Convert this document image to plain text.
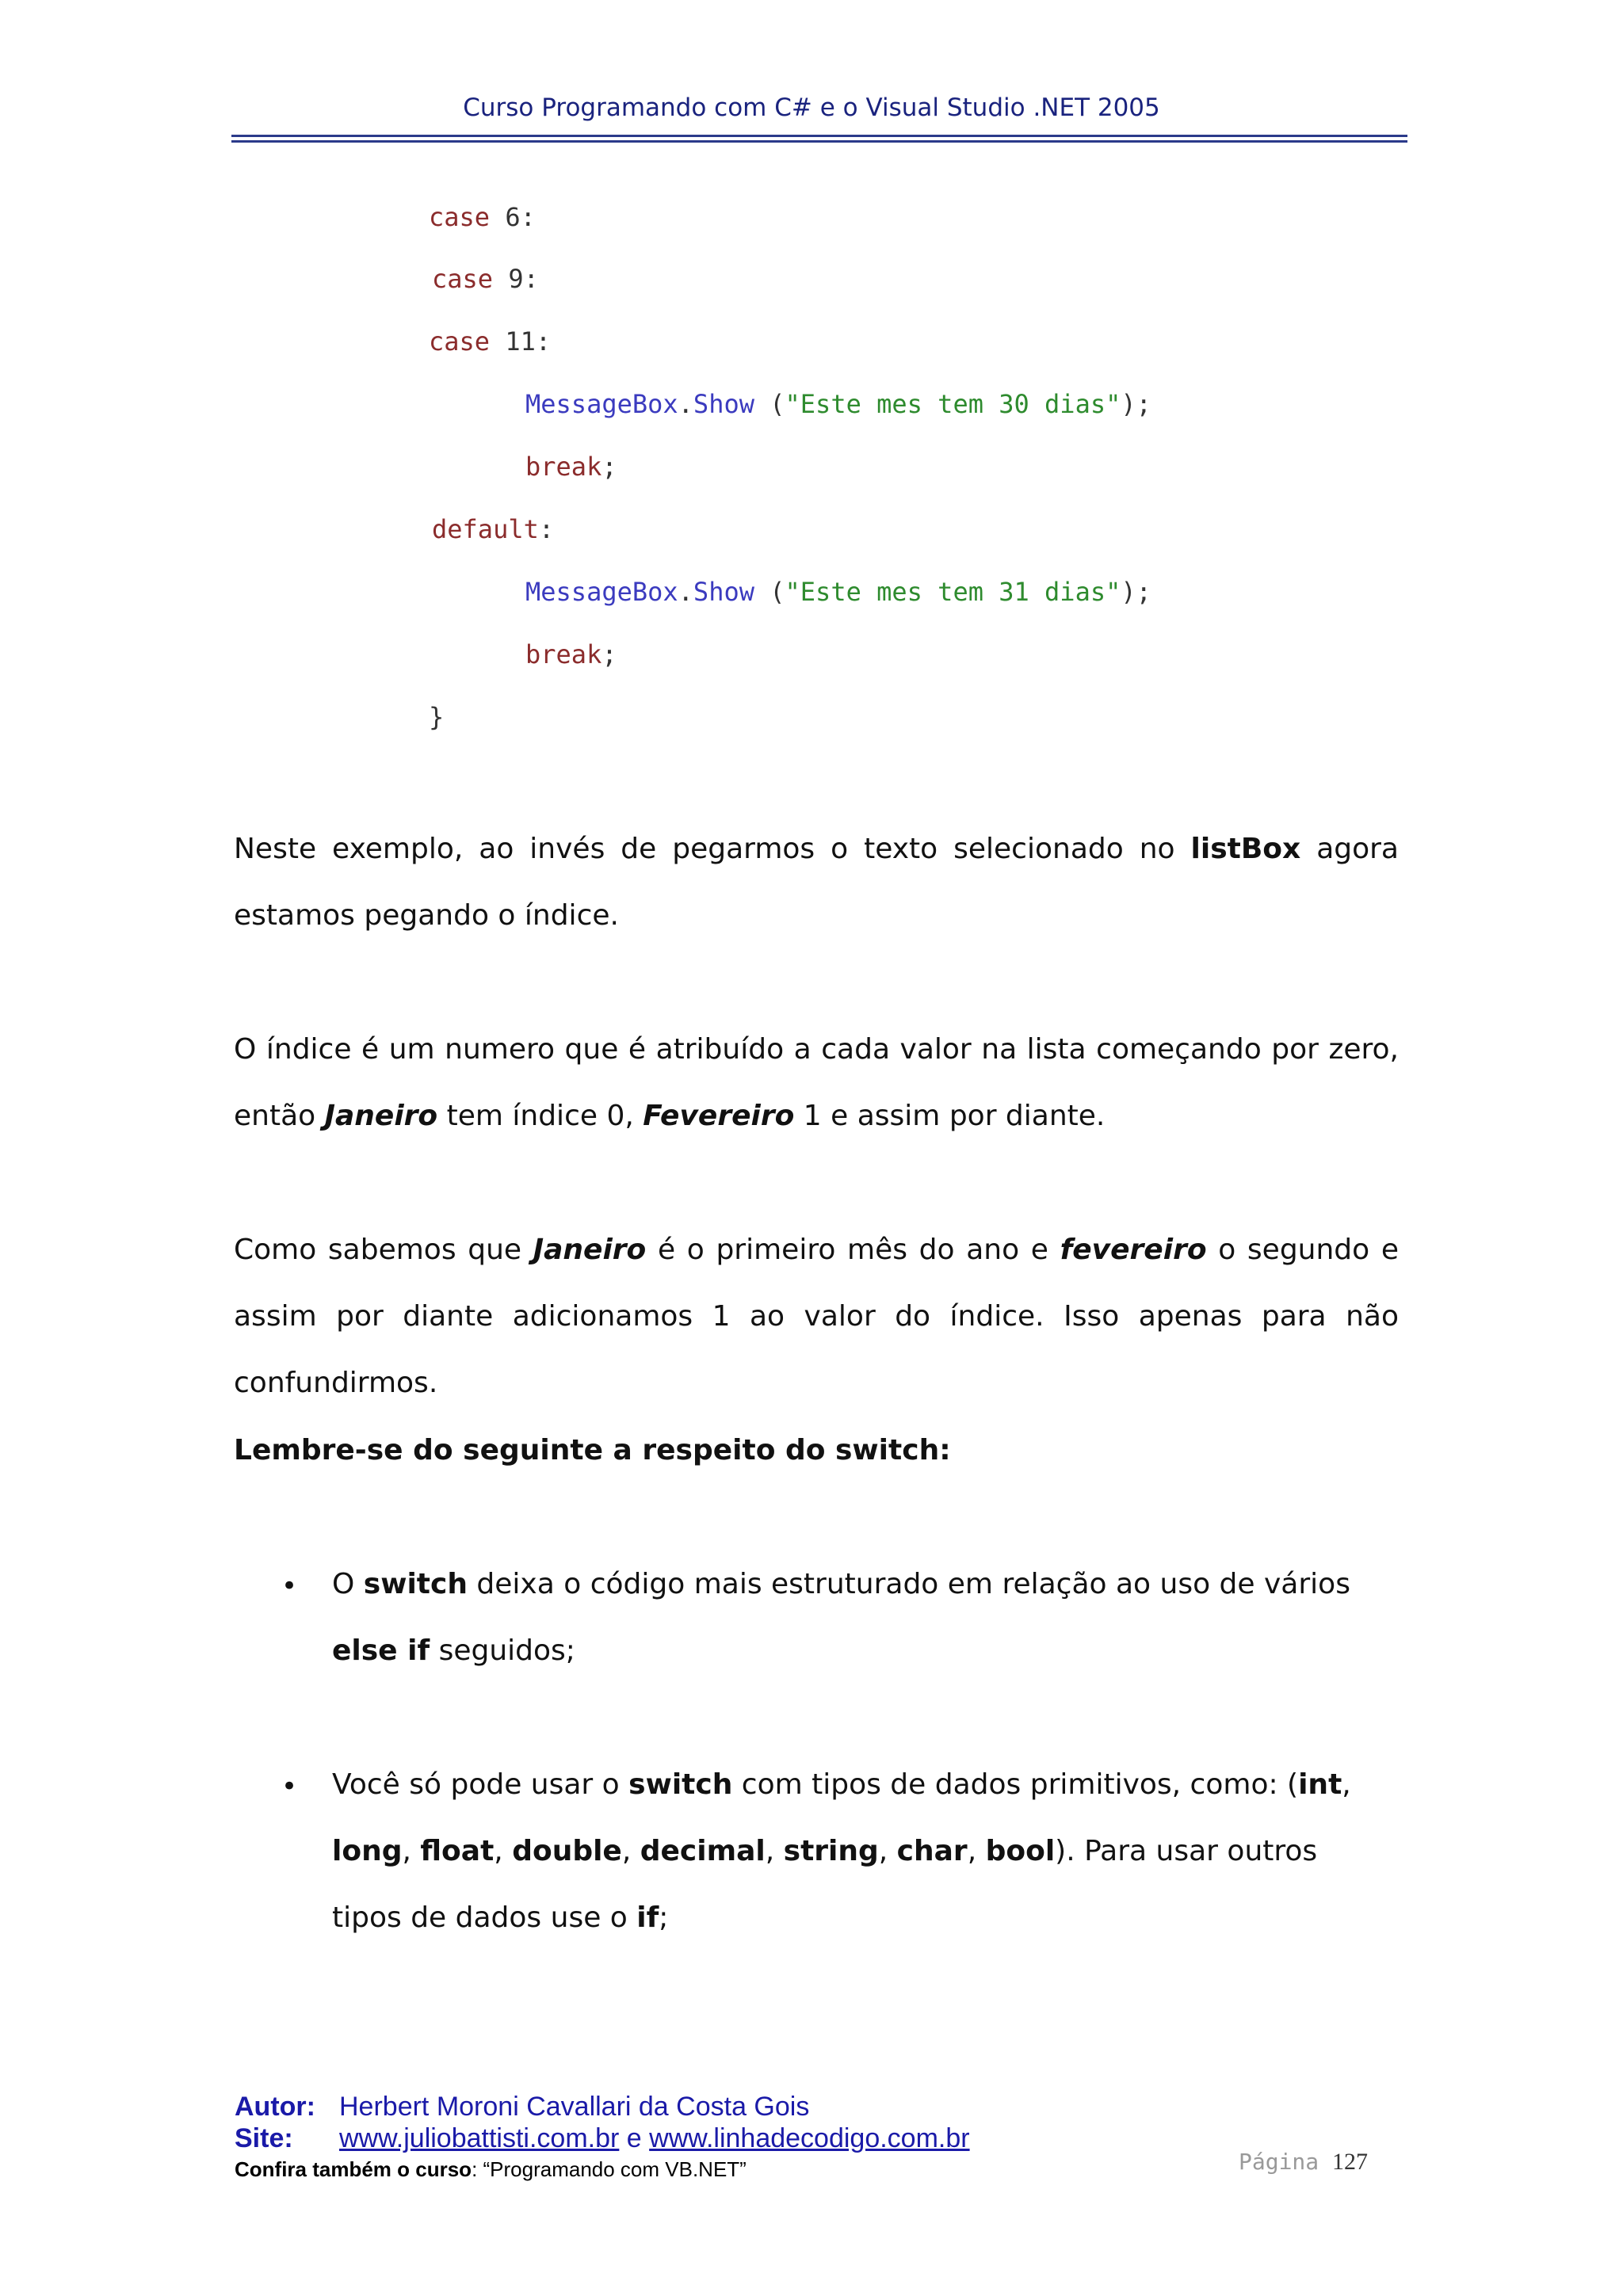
Curso Programando com C# e o Visual Studio .NET 2005
case 6:
case 9:
case 11:
MessageBox.Show ("Este mes tem 30 dias");
break;
default:
MessageBox.Show ("Este mes tem 31 dias");
break;
}

Neste exemplo, ao invés de pegarmos o texto selecionado no listBox agora estamos pegando o índice.

O índice é um numero que é atribuído a cada valor na lista começando por zero, então Janeiro tem índice 0, Fevereiro 1 e assim por diante.

Como sabemos que Janeiro é o primeiro mês do ano e fevereiro o segundo e assim por diante adicionamos 1 ao valor do índice. Isso apenas para não confundirmos.

Lembre-se do seguinte a respeito do switch:

• O switch deixa o código mais estruturado em relação ao uso de vários else if seguidos;

• Você só pode usar o switch com tipos de dados primitivos, como: (int, long, float, double, decimal, string, char, bool). Para usar outros tipos de dados use o if;

Autor: Herbert Moroni Cavallari da Costa Gois
Site: www.juliobattisti.com.br e www.linhadecodigo.com.br
Confira também o curso: “Programando com VB.NET”	Página 127
